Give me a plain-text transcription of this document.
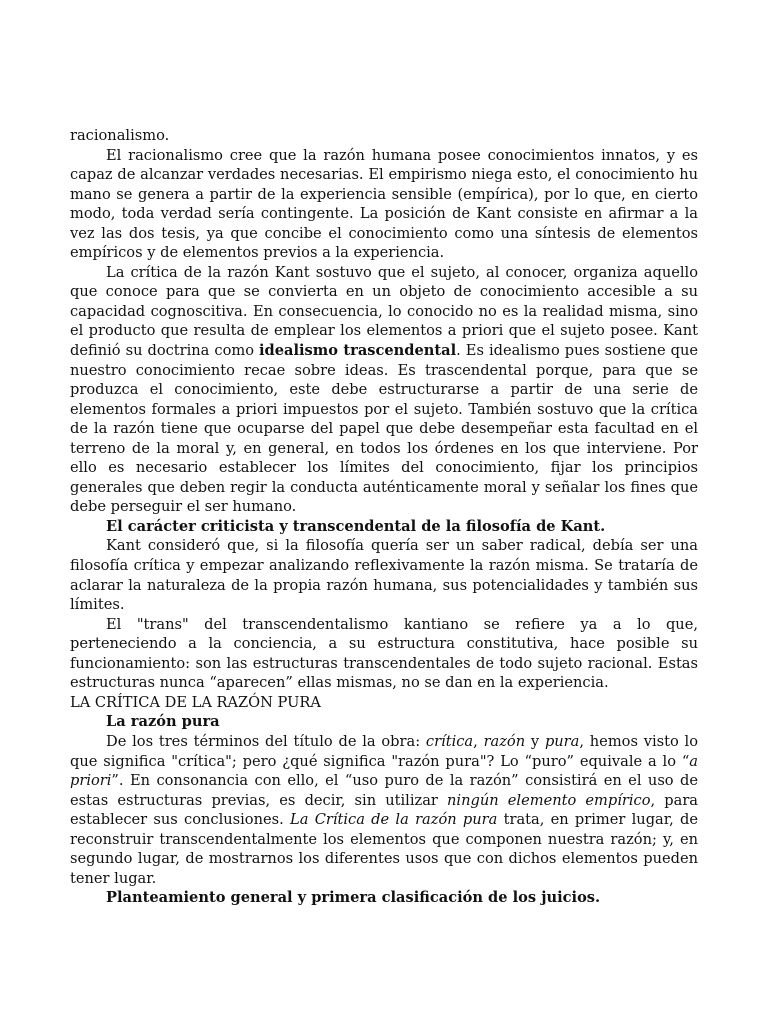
racionalismo.

El racionalismo cree que la razón humana posee conocimientos innatos, y es capaz de alcanzar verdades necesarias. El empirismo niega esto, el conocimiento hu mano se genera a partir de la experiencia sensible (empírica), por lo que, en cierto modo, toda verdad sería contingente. La posición de Kant consiste en afirmar a la vez las dos tesis, ya que concibe el conocimiento como una síntesis de elementos empíricos y de elementos previos a la experiencia.

La crítica de la razón Kant sostuvo que el sujeto, al conocer, organiza aquello que conoce para que se convierta en un objeto de conocimiento accesible a su capacidad cognoscitiva. En consecuencia, lo conocido no es la realidad misma, sino el producto que resulta de emplear los elementos a priori que el sujeto posee. Kant definió su doctrina como idealismo trascendental. Es idealismo pues sostiene que nuestro conocimiento recae sobre ideas. Es trascendental porque, para que se produzca el conocimiento, este debe estructurarse a partir de una serie de elementos formales a priori impuestos por el sujeto. También sostuvo que la crítica de la razón tiene que ocuparse del papel que debe desempeñar esta facultad en el terreno de la moral y, en general, en todos los órdenes en los que interviene. Por ello es necesario establecer los límites del conocimiento, fijar los principios generales que deben regir la conducta auténticamente moral y señalar los fines que debe perseguir el ser humano.

El carácter criticista y transcendental de la filosofía de Kant.

Kant consideró que, si la filosofía quería ser un saber radical, debía ser una filosofía crítica y empezar analizando reflexivamente la razón misma. Se trataría de aclarar la naturaleza de la propia razón humana, sus potencialidades y también sus límites.

El "trans" del transcendentalismo kantiano se refiere ya a lo que, perteneciendo a la conciencia, a su estructura constitutiva, hace posible su funcionamiento: son las estructuras transcendentales de todo sujeto racional. Estas estructuras nunca “aparecen” ellas mismas, no se dan en la experiencia.

LA CRÍTICA DE LA RAZÓN PURA

La razón pura

De los tres términos del título de la obra: crítica, razón y pura, hemos visto lo que significa "crítica"; pero ¿qué significa "razón pura"? Lo “puro” equivale a lo “a priori”. En consonancia con ello, el “uso puro de la razón” consistirá en el uso de estas estructuras previas, es decir, sin utilizar ningún elemento empírico, para establecer sus conclusiones. La Crítica de la razón pura trata, en primer lugar, de reconstruir transcendentalmente los elementos que componen nuestra razón; y, en segundo lugar, de mostrarnos los diferentes usos que con dichos elementos pueden tener lugar.

Planteamiento general y primera clasificación de los juicios.
